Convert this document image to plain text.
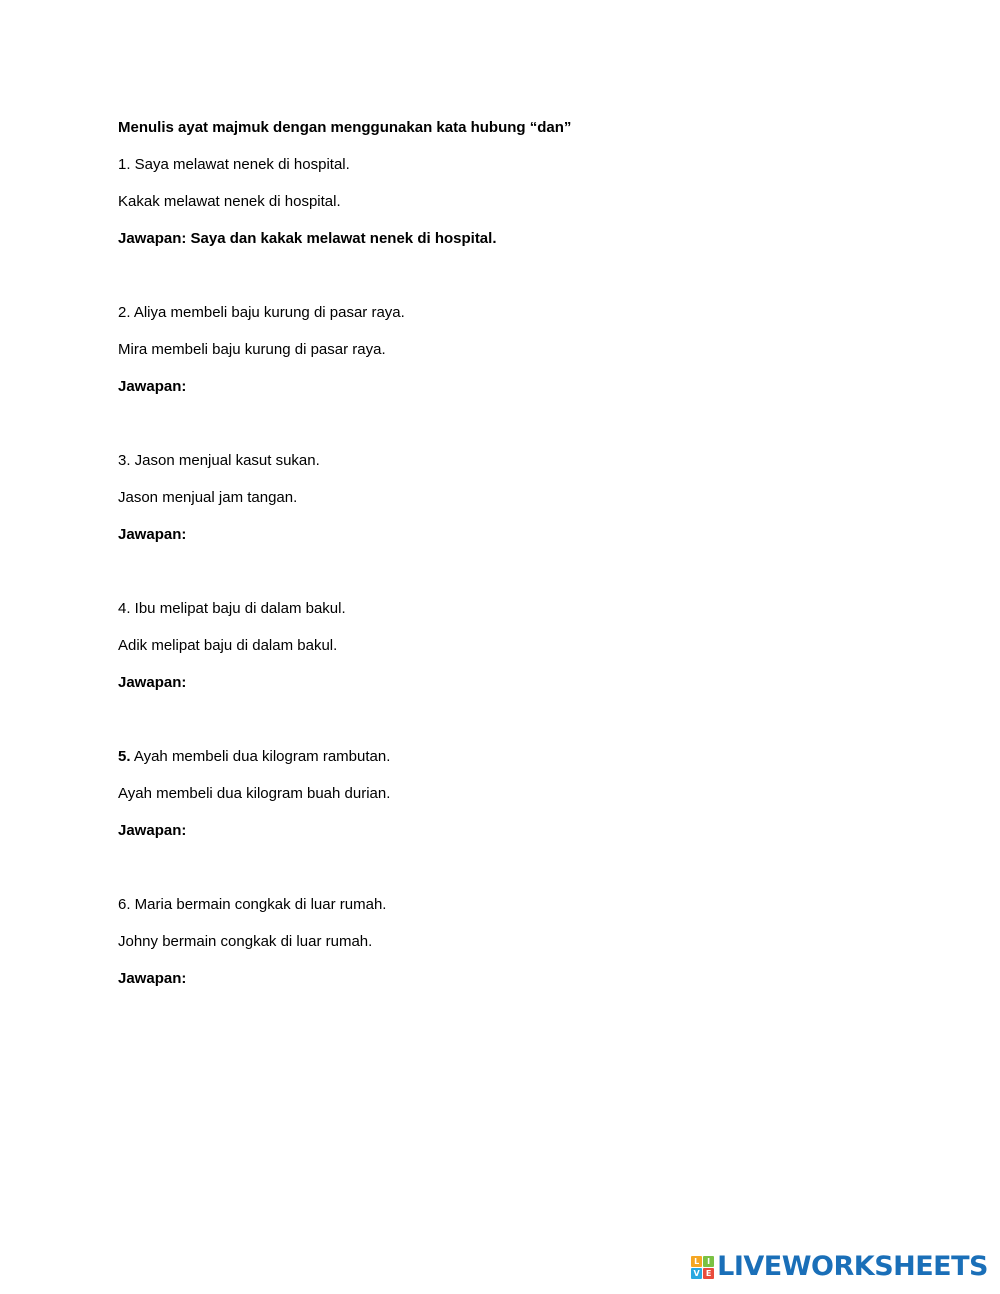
Menulis ayat majmuk dengan menggunakan kata hubung “dan”
1. Saya melawat nenek di hospital.
Kakak melawat nenek di hospital.
Jawapan: Saya dan kakak melawat nenek di hospital.
2. Aliya membeli baju kurung di pasar raya.
Mira membeli baju kurung di pasar raya.
Jawapan:
3. Jason menjual kasut sukan.
Jason menjual jam tangan.
Jawapan:
4. Ibu melipat baju di dalam bakul.
Adik melipat baju di dalam bakul.
Jawapan:
5. Ayah membeli dua kilogram rambutan.
Ayah membeli dua kilogram buah durian.
Jawapan:
6. Maria bermain congkak di luar rumah.
Johny bermain congkak di luar rumah.
Jawapan:
L I
V E LIVEWORKSHEETS
